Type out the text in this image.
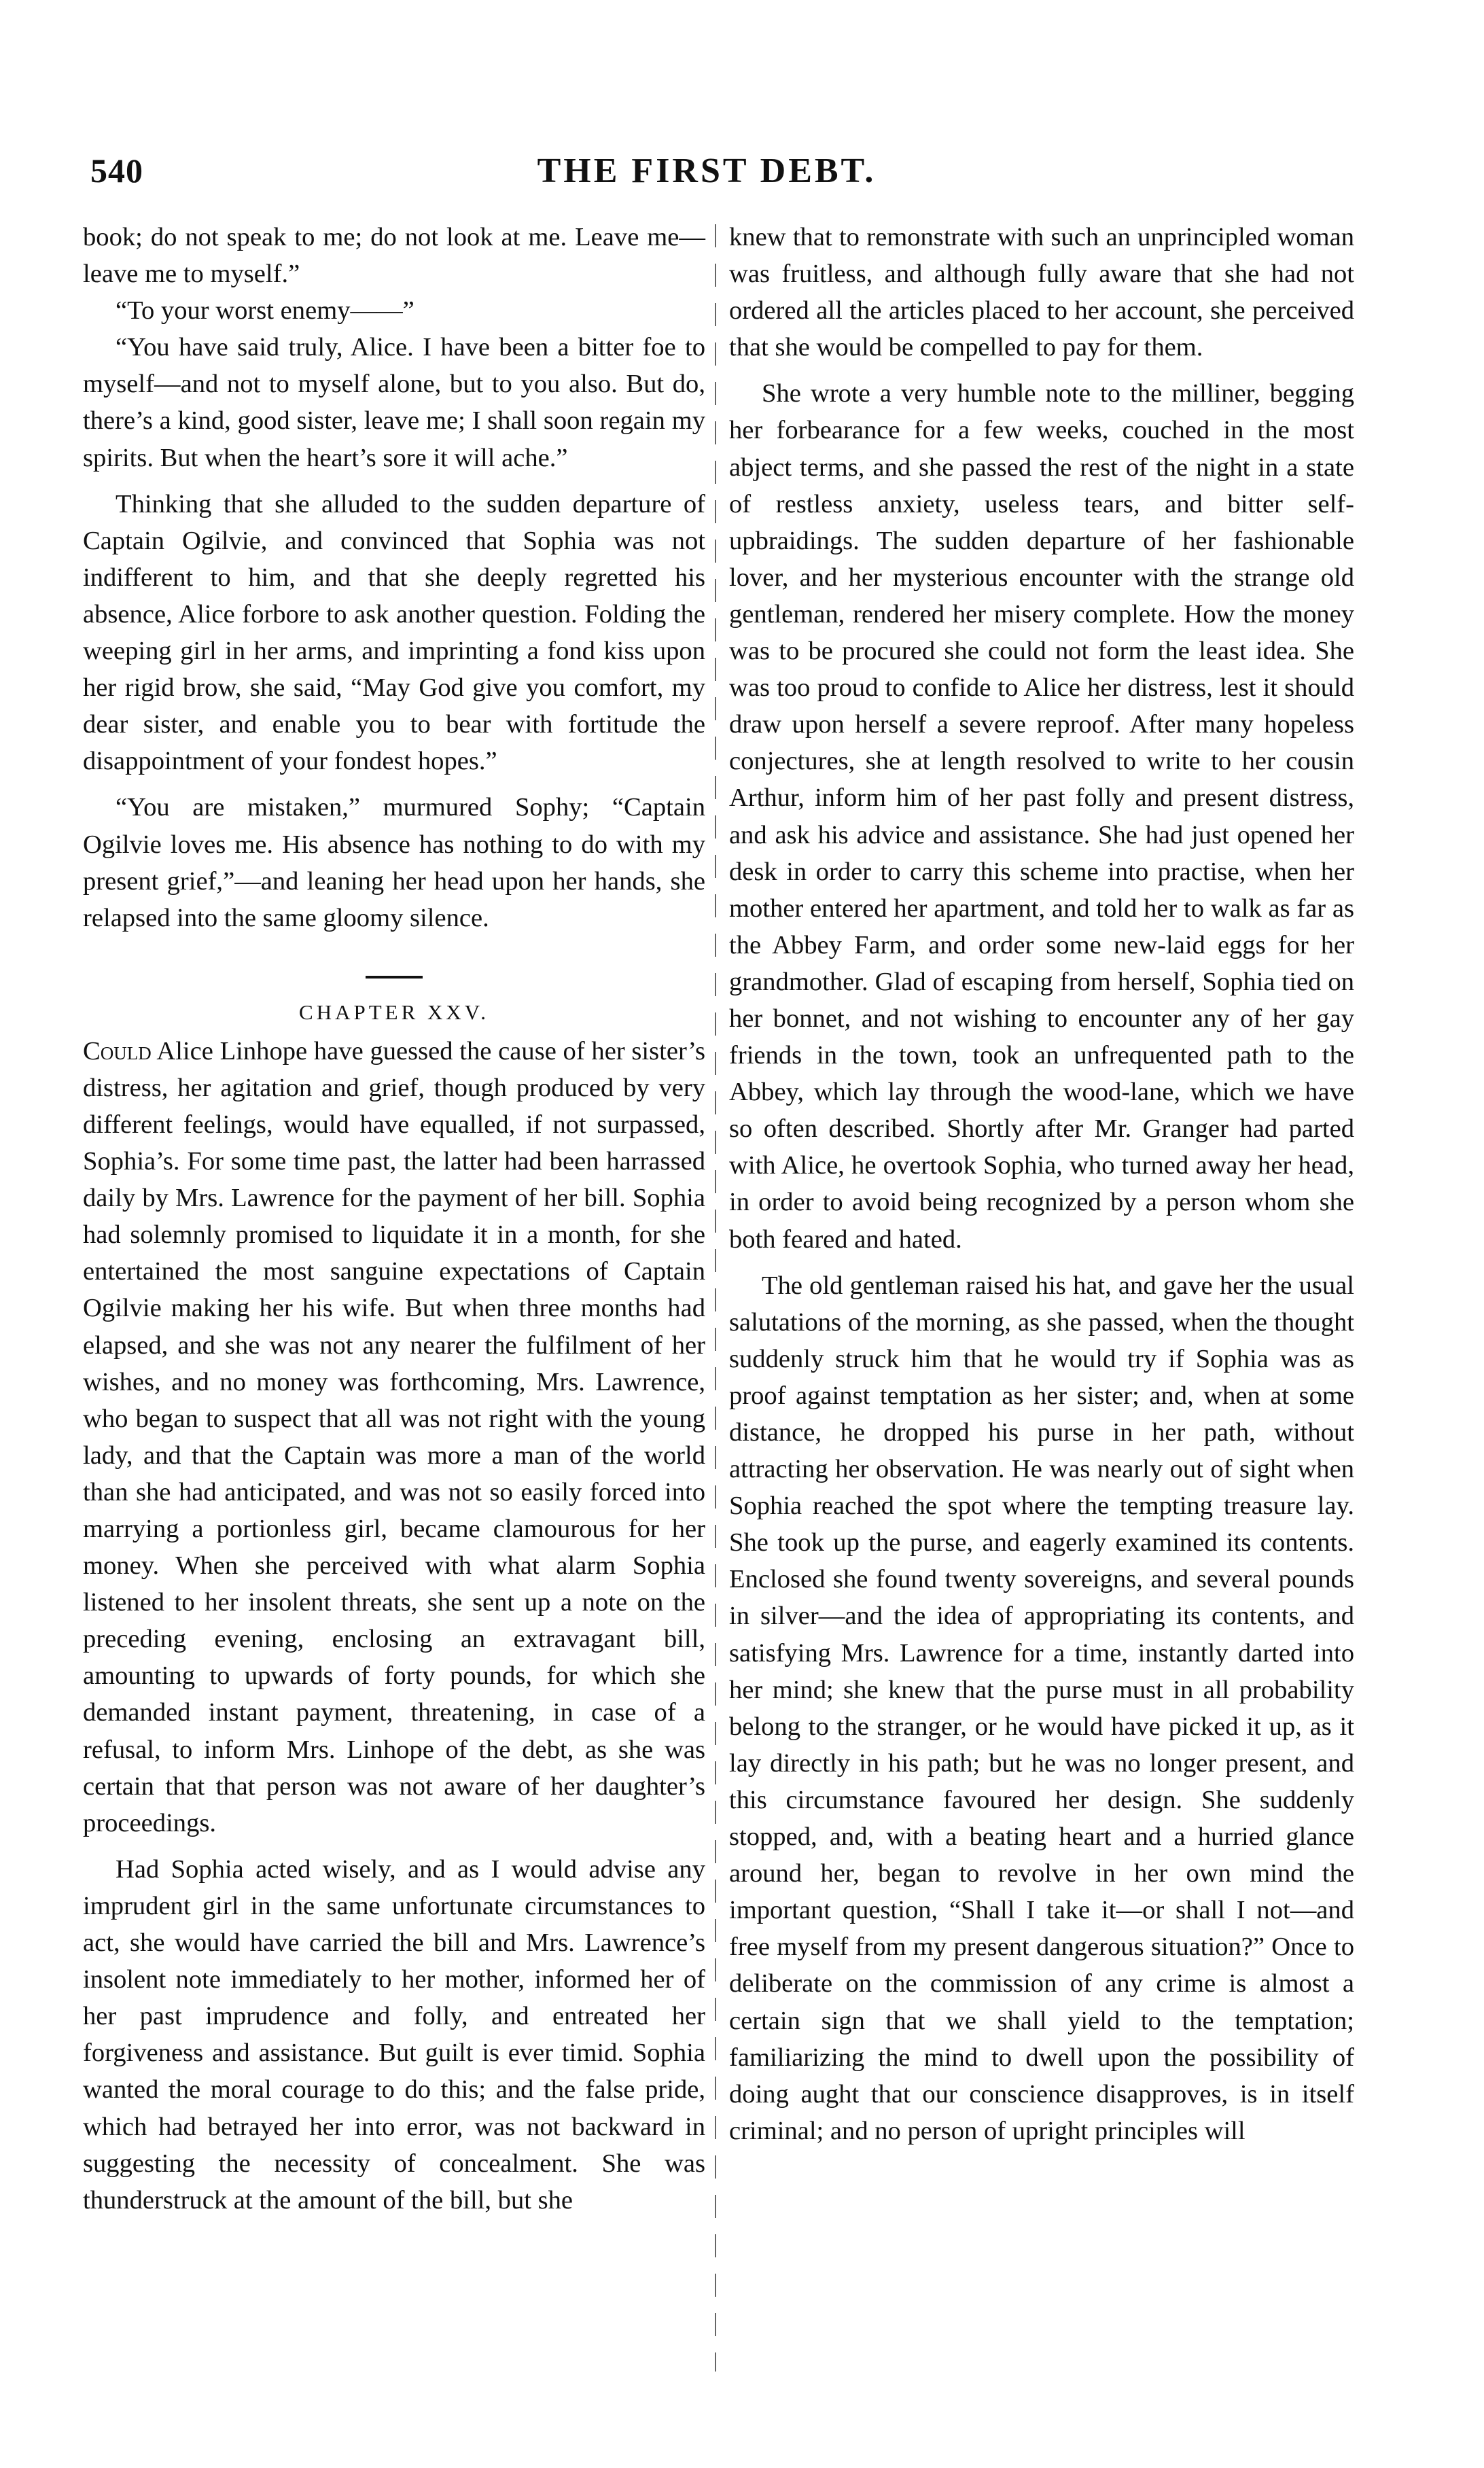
540	THE FIRST DEBT.

book; do not speak to me; do not look at me. Leave me—leave me to myself.”

“To your worst enemy——”

“You have said truly, Alice. I have been a bitter foe to myself—and not to myself alone, but to you also. But do, there’s a kind, good sister, leave me; I shall soon regain my spirits. But when the heart’s sore it will ache.”

Thinking that she alluded to the sudden departure of Captain Ogilvie, and convinced that Sophia was not indifferent to him, and that she deeply regretted his absence, Alice forbore to ask another question. Folding the weeping girl in her arms, and imprinting a fond kiss upon her rigid brow, she said, “May God give you comfort, my dear sister, and enable you to bear with fortitude the disappointment of your fondest hopes.”

“You are mistaken,” murmured Sophy; “Captain Ogilvie loves me. His absence has nothing to do with my present grief,”—and leaning her head upon her hands, she relapsed into the same gloomy silence.

CHAPTER XXV.

Could Alice Linhope have guessed the cause of her sister’s distress, her agitation and grief, though produced by very different feelings, would have equalled, if not surpassed, Sophia’s. For some time past, the latter had been harrassed daily by Mrs. Lawrence for the payment of her bill. Sophia had solemnly promised to liquidate it in a month, for she entertained the most sanguine expectations of Captain Ogilvie making her his wife. But when three months had elapsed, and she was not any nearer the fulfilment of her wishes, and no money was forthcoming, Mrs. Lawrence, who began to suspect that all was not right with the young lady, and that the Captain was more a man of the world than she had anticipated, and was not so easily forced into marrying a portionless girl, became clamourous for her money. When she perceived with what alarm Sophia listened to her insolent threats, she sent up a note on the preceding evening, enclosing an extravagant bill, amounting to upwards of forty pounds, for which she demanded instant payment, threatening, in case of a refusal, to inform Mrs. Linhope of the debt, as she was certain that that person was not aware of her daughter’s proceedings.

Had Sophia acted wisely, and as I would advise any imprudent girl in the same unfortunate circumstances to act, she would have carried the bill and Mrs. Lawrence’s insolent note immediately to her mother, informed her of her past imprudence and folly, and entreated her forgiveness and assistance. But guilt is ever timid. Sophia wanted the moral courage to do this; and the false pride, which had betrayed her into error, was not backward in suggesting the necessity of concealment. She was thunderstruck at the amount of the bill, but she

knew that to remonstrate with such an unprincipled woman was fruitless, and although fully aware that she had not ordered all the articles placed to her account, she perceived that she would be compelled to pay for them.

She wrote a very humble note to the milliner, begging her forbearance for a few weeks, couched in the most abject terms, and she passed the rest of the night in a state of restless anxiety, useless tears, and bitter self-upbraidings. The sudden departure of her fashionable lover, and her mysterious encounter with the strange old gentleman, rendered her misery complete. How the money was to be procured she could not form the least idea. She was too proud to confide to Alice her distress, lest it should draw upon herself a severe reproof. After many hopeless conjectures, she at length resolved to write to her cousin Arthur, inform him of her past folly and present distress, and ask his advice and assistance. She had just opened her desk in order to carry this scheme into practise, when her mother entered her apartment, and told her to walk as far as the Abbey Farm, and order some new-laid eggs for her grandmother. Glad of escaping from herself, Sophia tied on her bonnet, and not wishing to encounter any of her gay friends in the town, took an unfrequented path to the Abbey, which lay through the wood-lane, which we have so often described. Shortly after Mr. Granger had parted with Alice, he overtook Sophia, who turned away her head, in order to avoid being recognized by a person whom she both feared and hated.

The old gentleman raised his hat, and gave her the usual salutations of the morning, as she passed, when the thought suddenly struck him that he would try if Sophia was as proof against temptation as her sister; and, when at some distance, he dropped his purse in her path, without attracting her observation. He was nearly out of sight when Sophia reached the spot where the tempting treasure lay. She took up the purse, and eagerly examined its contents. Enclosed she found twenty sovereigns, and several pounds in silver—and the idea of appropriating its contents, and satisfying Mrs. Lawrence for a time, instantly darted into her mind; she knew that the purse must in all probability belong to the stranger, or he would have picked it up, as it lay directly in his path; but he was no longer present, and this circumstance favoured her design. She suddenly stopped, and, with a beating heart and a hurried glance around her, began to revolve in her own mind the important question, “Shall I take it—or shall I not—and free myself from my present dangerous situation?” Once to deliberate on the commission of any crime is almost a certain sign that we shall yield to the temptation; familiarizing the mind to dwell upon the possibility of doing aught that our conscience disapproves, is in itself criminal; and no person of upright principles will
